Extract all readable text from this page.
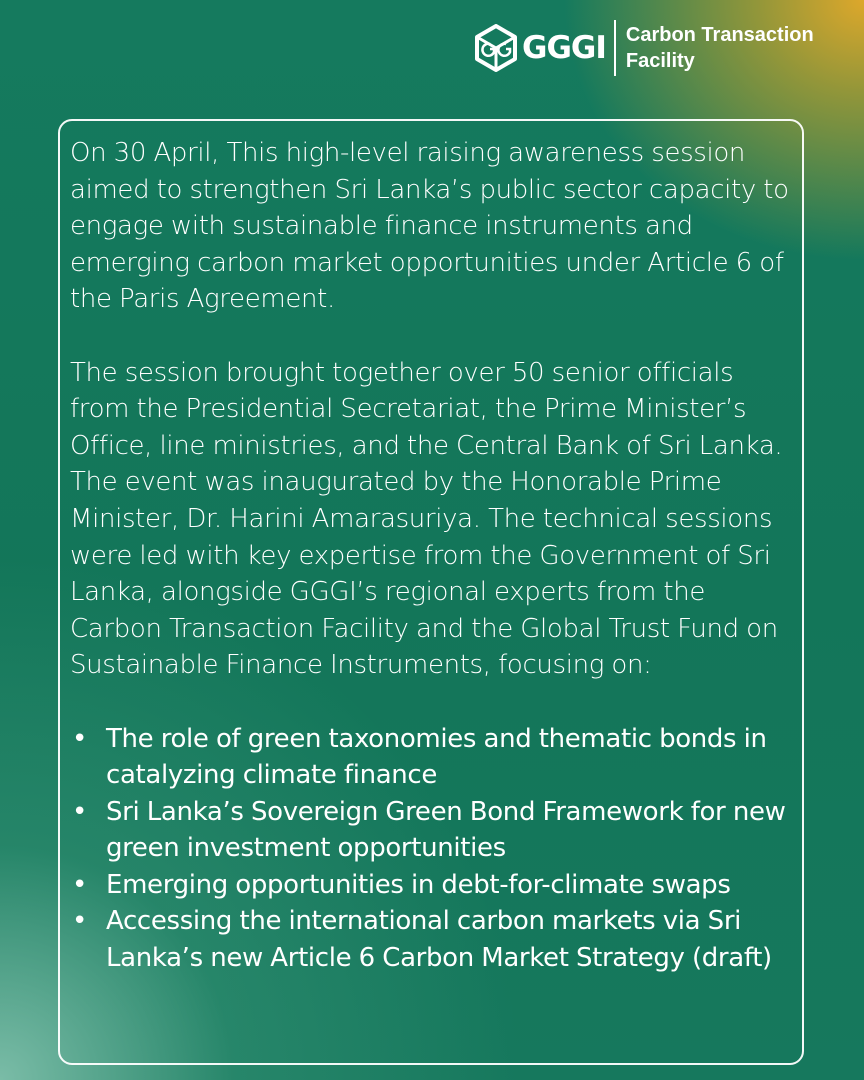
GGGI Carbon Transaction
Facility

On 30 April, This high-level raising awareness session aimed to strengthen Sri Lanka’s public sector capacity to engage with sustainable finance instruments and emerging carbon market opportunities under Article 6 of the Paris Agreement.

The session brought together over 50 senior officials from the Presidential Secretariat, the Prime Minister’s Office, line ministries, and the Central Bank of Sri Lanka. The event was inaugurated by the Honorable Prime Minister, Dr. Harini Amarasuriya. The technical sessions were led with key expertise from the Government of Sri Lanka, alongside GGGI’s regional experts from the Carbon Transaction Facility and the Global Trust Fund on Sustainable Finance Instruments, focusing on:

• The role of green taxonomies and thematic bonds in catalyzing climate finance
• Sri Lanka’s Sovereign Green Bond Framework for new green investment opportunities
• Emerging opportunities in debt-for-climate swaps
• Accessing the international carbon markets via Sri Lanka’s new Article 6 Carbon Market Strategy (draft)
